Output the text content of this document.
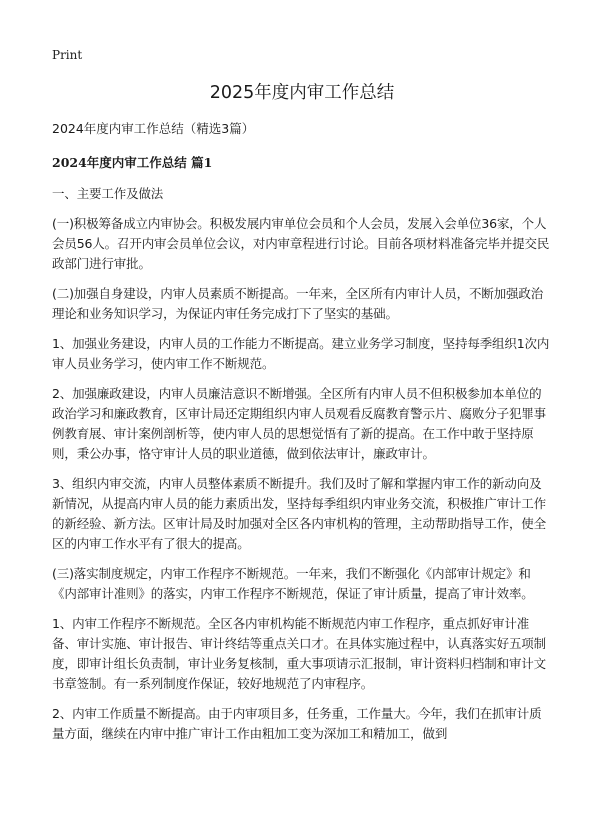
Print

2025年度内审工作总结

2024年度内审工作总结（精选3篇）

2024年度内审工作总结 篇1

一、主要工作及做法

(一)积极筹备成立内审协会。积极发展内审单位会员和个人会员，发展入会单位36家，个人会员56人。召开内审会员单位会议，对内审章程进行讨论。目前各项材料准备完毕并提交民政部门进行审批。

(二)加强自身建设，内审人员素质不断提高。一年来，全区所有内审计人员，不断加强政治理论和业务知识学习，为保证内审任务完成打下了坚实的基础。

1、加强业务建设，内审人员的工作能力不断提高。建立业务学习制度，坚持每季组织1次内审人员业务学习，使内审工作不断规范。

2、加强廉政建设，内审人员廉洁意识不断增强。全区所有内审人员不但积极参加本单位的政治学习和廉政教育，区审计局还定期组织内审人员观看反腐教育警示片、腐败分子犯罪事例教育展、审计案例剖析等，使内审人员的思想觉悟有了新的提高。在工作中敢于坚持原则，秉公办事，恪守审计人员的职业道德，做到依法审计，廉政审计。

3、组织内审交流，内审人员整体素质不断提升。我们及时了解和掌握内审工作的新动向及新情况，从提高内审人员的能力素质出发，坚持每季组织内审业务交流，积极推广审计工作的新经验、新方法。区审计局及时加强对全区各内审机构的管理，主动帮助指导工作，使全区的内审工作水平有了很大的提高。

(三)落实制度规定，内审工作程序不断规范。一年来，我们不断强化《内部审计规定》和《内部审计准则》的落实，内审工作程序不断规范，保证了审计质量，提高了审计效率。

1、内审工作程序不断规范。全区各内审机构能不断规范内审工作程序，重点抓好审计准备、审计实施、审计报告、审计终结等重点关口才。在具体实施过程中，认真落实好五项制度，即审计组长负责制，审计业务复核制，重大事项请示汇报制，审计资料归档制和审计文书章签制。有一系列制度作保证，较好地规范了内审程序。

2、内审工作质量不断提高。由于内审项目多，任务重，工作量大。今年，我们在抓审计质量方面，继续在内审中推广审计工作由粗加工变为深加工和精加工，做到
